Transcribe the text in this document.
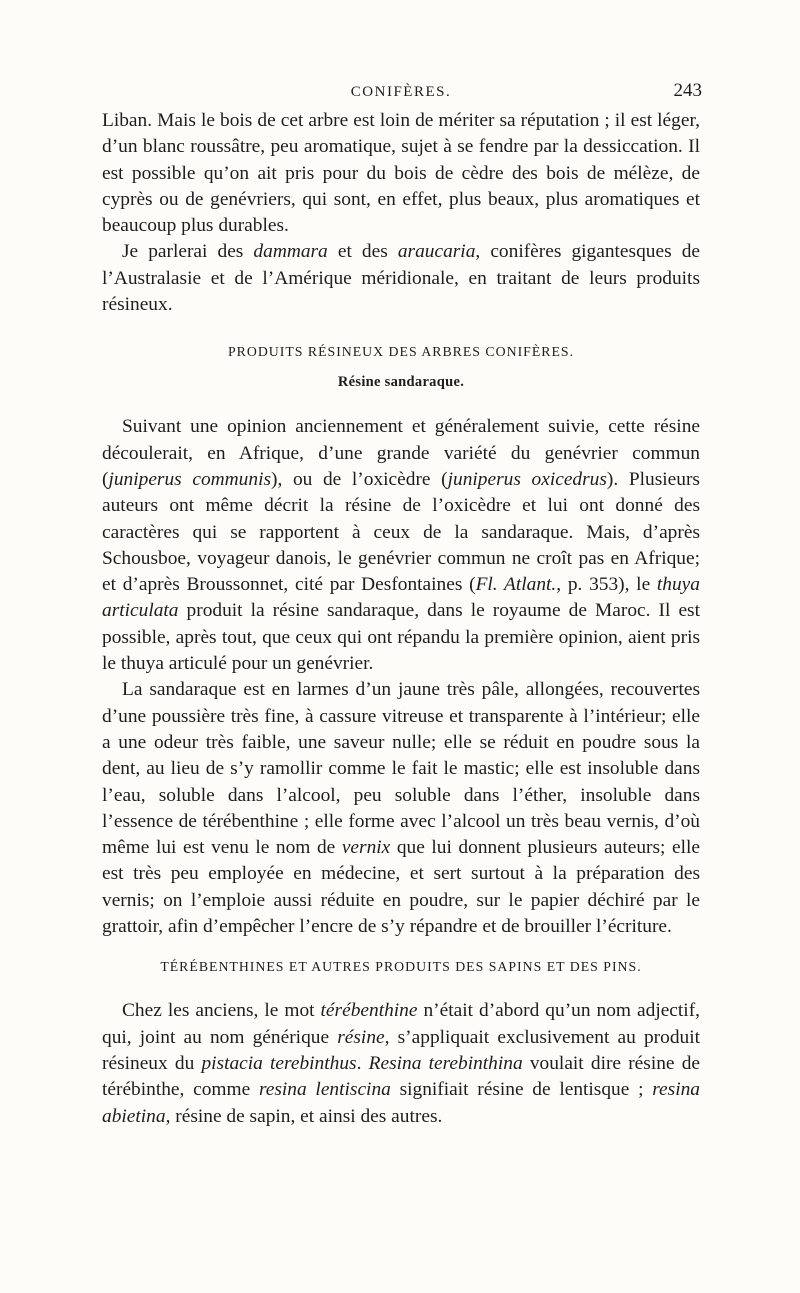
CONIFÈRES.	243

Liban. Mais le bois de cet arbre est loin de mériter sa réputation ; il est léger, d’un blanc roussâtre, peu aromatique, sujet à se fendre par la dessiccation. Il est possible qu’on ait pris pour du bois de cèdre des bois de mélèze, de cyprès ou de genévriers, qui sont, en effet, plus beaux, plus aromatiques et beaucoup plus durables.

Je parlerai des dammara et des araucaria, conifères gigantesques de l’Australasie et de l’Amérique méridionale, en traitant de leurs produits résineux.

PRODUITS RÉSINEUX DES ARBRES CONIFÈRES.
Résine sandaraque.

Suivant une opinion anciennement et généralement suivie, cette résine découlerait, en Afrique, d’une grande variété du genévrier commun (juniperus communis), ou de l’oxicèdre (juniperus oxicedrus). Plusieurs auteurs ont même décrit la résine de l’oxicèdre et lui ont donné des caractères qui se rapportent à ceux de la sandaraque. Mais, d’après Schousboe, voyageur danois, le genévrier commun ne croît pas en Afrique; et d’après Broussonnet, cité par Desfontaines (Fl. Atlant., p. 353), le thuya articulata produit la résine sandaraque, dans le royaume de Maroc. Il est possible, après tout, que ceux qui ont répandu la première opinion, aient pris le thuya articulé pour un genévrier.

La sandaraque est en larmes d’un jaune très pâle, allongées, recouvertes d’une poussière très fine, à cassure vitreuse et transparente à l’intérieur; elle a une odeur très faible, une saveur nulle; elle se réduit en poudre sous la dent, au lieu de s’y ramollir comme le fait le mastic; elle est insoluble dans l’eau, soluble dans l’alcool, peu soluble dans l’éther, insoluble dans l’essence de térébenthine ; elle forme avec l’alcool un très beau vernis, d’où même lui est venu le nom de vernix que lui donnent plusieurs auteurs; elle est très peu employée en médecine, et sert surtout à la préparation des vernis; on l’emploie aussi réduite en poudre, sur le papier déchiré par le grattoir, afin d’empêcher l’encre de s’y répandre et de brouiller l’écriture.

TÉRÉBENTHINES ET AUTRES PRODUITS DES SAPINS ET DES PINS.

Chez les anciens, le mot térébenthine n’était d’abord qu’un nom adjectif, qui, joint au nom générique résine, s’appliquait exclusivement au produit résineux du pistacia terebinthus. Resina terebinthina voulait dire résine de térébinthe, comme resina lentiscina signifiait résine de lentisque ; resina abietina, résine de sapin, et ainsi des autres.
